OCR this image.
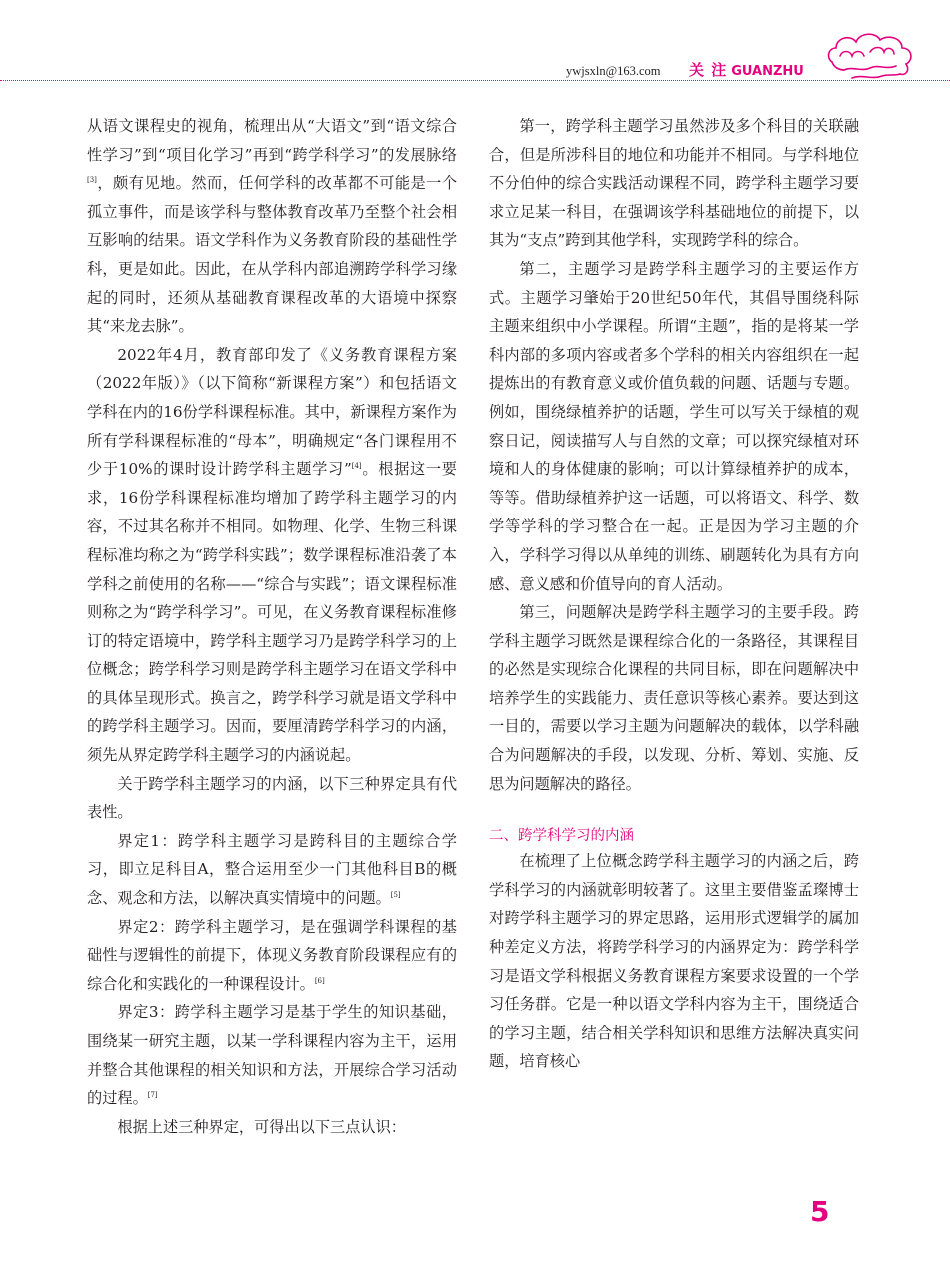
ywjsxln@163.com 关 注 GUANZHU

从语文课程史的视角，梳理出从“大语文”到“语文综合性学习”到“项目化学习”再到“跨学科学习”的发展脉络[3]，颇有见地。然而，任何学科的改革都不可能是一个孤立事件，而是该学科与整体教育改革乃至整个社会相互影响的结果。语文学科作为义务教育阶段的基础性学科，更是如此。因此，在从学科内部追溯跨学科学习缘起的同时，还须从基础教育课程改革的大语境中探察其“来龙去脉”。

2022年4月，教育部印发了《义务教育课程方案（2022年版）》（以下简称“新课程方案”）和包括语文学科在内的16份学科课程标准。其中，新课程方案作为所有学科课程标准的“母本”，明确规定“各门课程用不少于10%的课时设计跨学科主题学习”[4]。根据这一要求，16份学科课程标准均增加了跨学科主题学习的内容，不过其名称并不相同。如物理、化学、生物三科课程标准均称之为“跨学科实践”；数学课程标准沿袭了本学科之前使用的名称——“综合与实践”；语文课程标准则称之为“跨学科学习”。可见，在义务教育课程标准修订的特定语境中，跨学科主题学习乃是跨学科学习的上位概念；跨学科学习则是跨学科主题学习在语文学科中的具体呈现形式。换言之，跨学科学习就是语文学科中的跨学科主题学习。因而，要厘清跨学科学习的内涵，须先从界定跨学科主题学习的内涵说起。

关于跨学科主题学习的内涵，以下三种界定具有代表性。

界定1：跨学科主题学习是跨科目的主题综合学习，即立足科目A，整合运用至少一门其他科目B的概念、观念和方法，以解决真实情境中的问题。[5]

界定2：跨学科主题学习，是在强调学科课程的基础性与逻辑性的前提下，体现义务教育阶段课程应有的综合化和实践化的一种课程设计。[6]

界定3：跨学科主题学习是基于学生的知识基础，围绕某一研究主题，以某一学科课程内容为主干，运用并整合其他课程的相关知识和方法，开展综合学习活动的过程。[7]

根据上述三种界定，可得出以下三点认识：

第一，跨学科主题学习虽然涉及多个科目的关联融合，但是所涉科目的地位和功能并不相同。与学科地位不分伯仲的综合实践活动课程不同，跨学科主题学习要求立足某一科目，在强调该学科基础地位的前提下，以其为“支点”跨到其他学科，实现跨学科的综合。

第二，主题学习是跨学科主题学习的主要运作方式。主题学习肇始于20世纪50年代，其倡导围绕科际主题来组织中小学课程。所谓“主题”，指的是将某一学科内部的多项内容或者多个学科的相关内容组织在一起提炼出的有教育意义或价值负载的问题、话题与专题。例如，围绕绿植养护的话题，学生可以写关于绿植的观察日记，阅读描写人与自然的文章；可以探究绿植对环境和人的身体健康的影响；可以计算绿植养护的成本，等等。借助绿植养护这一话题，可以将语文、科学、数学等学科的学习整合在一起。正是因为学习主题的介入，学科学习得以从单纯的训练、刷题转化为具有方向感、意义感和价值导向的育人活动。

第三，问题解决是跨学科主题学习的主要手段。跨学科主题学习既然是课程综合化的一条路径，其课程目的必然是实现综合化课程的共同目标，即在问题解决中培养学生的实践能力、责任意识等核心素养。要达到这一目的，需要以学习主题为问题解决的载体，以学科融合为问题解决的手段，以发现、分析、筹划、实施、反思为问题解决的路径。

二、跨学科学习的内涵

在梳理了上位概念跨学科主题学习的内涵之后，跨学科学习的内涵就彰明较著了。这里主要借鉴孟璨博士对跨学科主题学习的界定思路，运用形式逻辑学的属加种差定义方法，将跨学科学习的内涵界定为：跨学科学习是语文学科根据义务教育课程方案要求设置的一个学习任务群。它是一种以语文学科内容为主干，围绕适合的学习主题，结合相关学科知识和思维方法解决真实问题，培育核心

5
